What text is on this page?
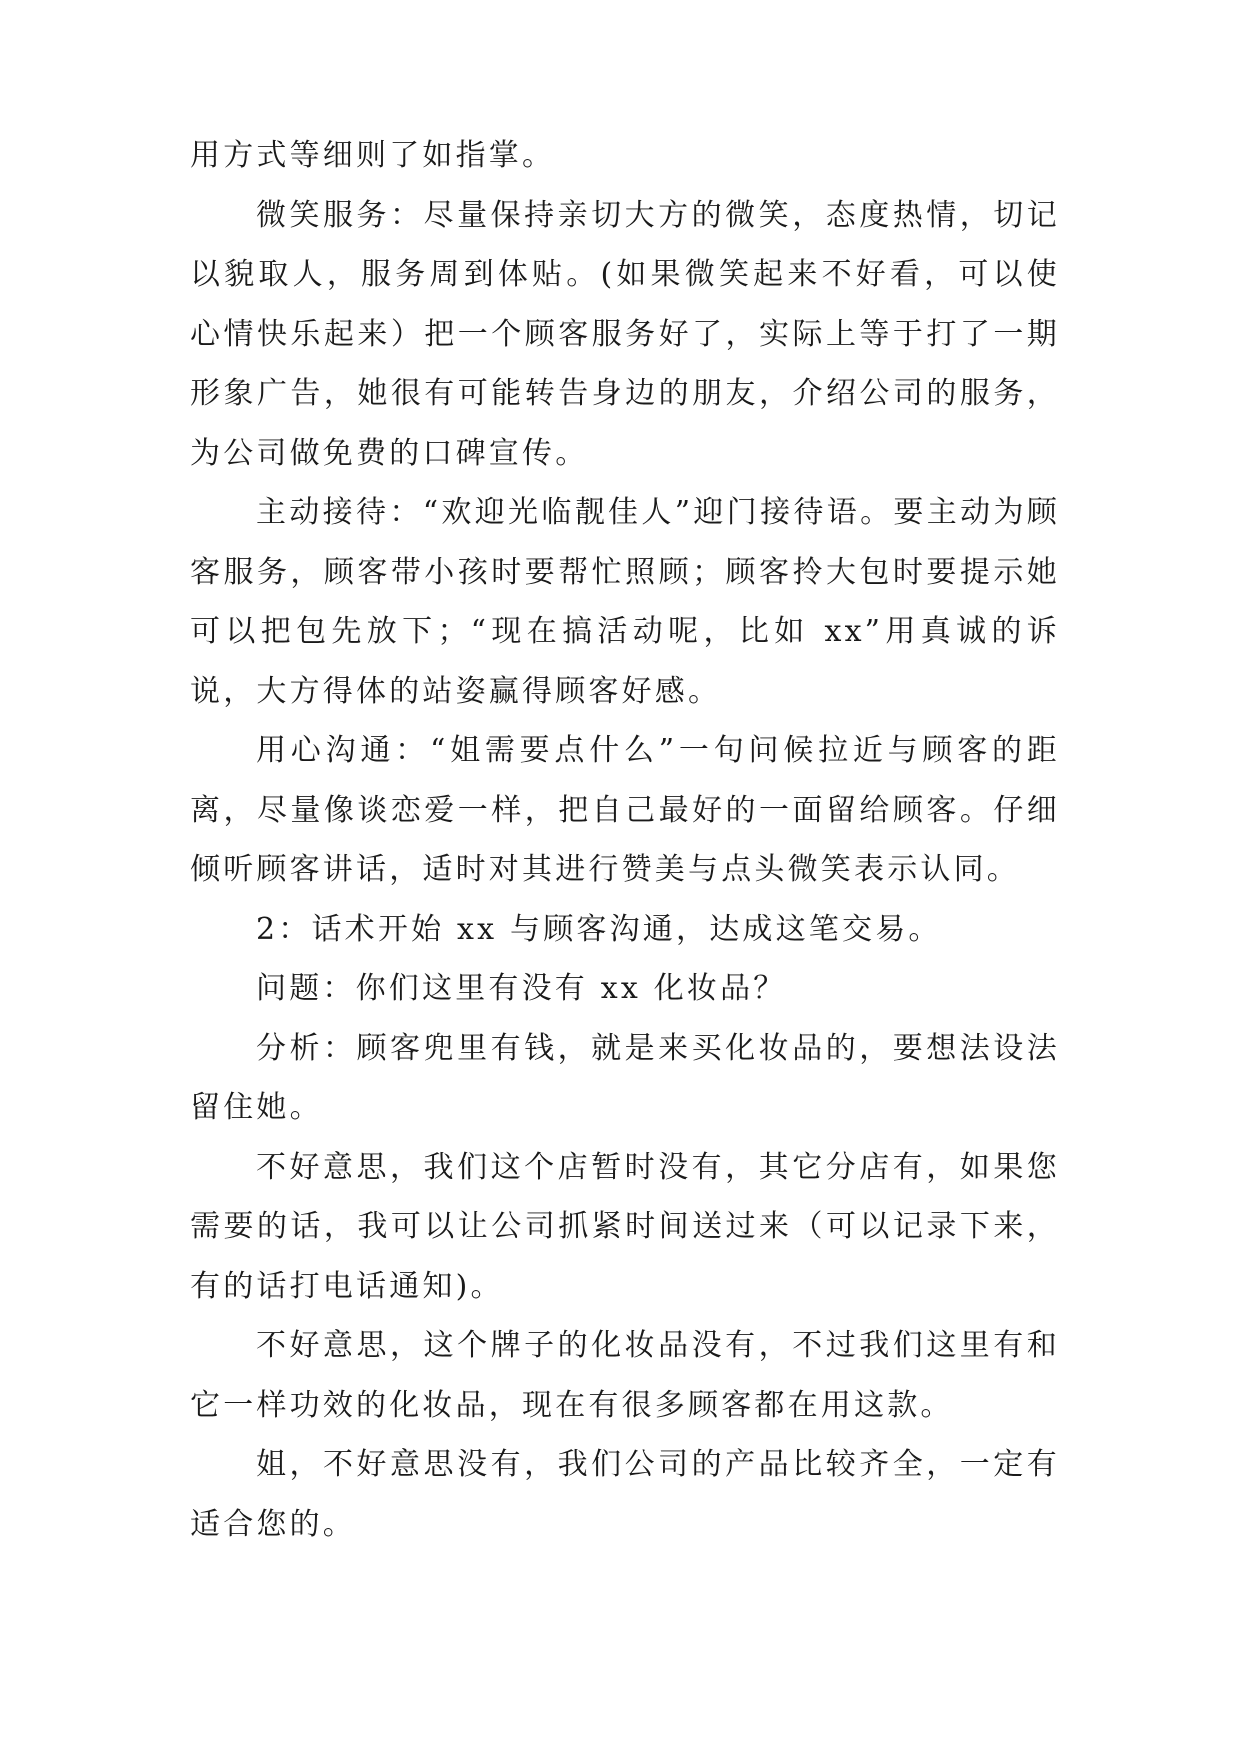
用方式等细则了如指掌。

微笑服务：尽量保持亲切大方的微笑，态度热情，切记以貌取人，服务周到体贴。(如果微笑起来不好看，可以使心情快乐起来）把一个顾客服务好了，实际上等于打了一期形象广告，她很有可能转告身边的朋友，介绍公司的服务，为公司做免费的口碑宣传。

主动接待：“欢迎光临靓佳人”迎门接待语。要主动为顾客服务，顾客带小孩时要帮忙照顾；顾客拎大包时要提示她可以把包先放下；“现在搞活动呢，比如 xx”用真诚的诉说，大方得体的站姿赢得顾客好感。

用心沟通：“姐需要点什么”一句问候拉近与顾客的距离，尽量像谈恋爱一样，把自己最好的一面留给顾客。仔细倾听顾客讲话，适时对其进行赞美与点头微笑表示认同。

2：话术开始 xx 与顾客沟通，达成这笔交易。

问题：你们这里有没有 xx 化妆品？

分析：顾客兜里有钱，就是来买化妆品的，要想法设法留住她。

不好意思，我们这个店暂时没有，其它分店有，如果您需要的话，我可以让公司抓紧时间送过来（可以记录下来，有的话打电话通知)。

不好意思，这个牌子的化妆品没有，不过我们这里有和它一样功效的化妆品，现在有很多顾客都在用这款。

姐，不好意思没有，我们公司的产品比较齐全，一定有适合您的。
